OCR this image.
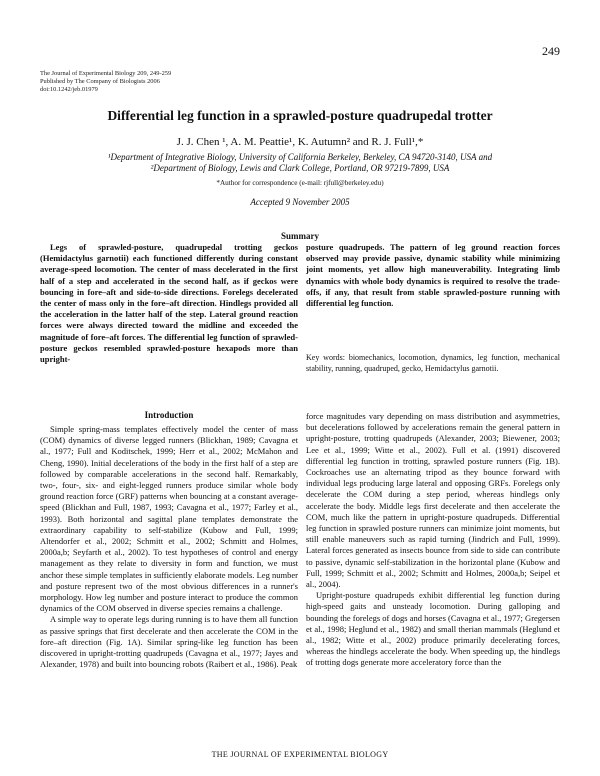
249
The Journal of Experimental Biology 209, 249-259
Published by The Company of Biologists 2006
doi:10.1242/jeb.01979
Differential leg function in a sprawled-posture quadrupedal trotter
J. J. Chen ¹, A. M. Peattie¹, K. Autumn² and R. J. Full¹,*
¹Department of Integrative Biology, University of California Berkeley, Berkeley, CA 94720-3140, USA and
²Department of Biology, Lewis and Clark College, Portland, OR 97219-7899, USA
*Author for correspondence (e-mail: rjfull@berkeley.edu)
Accepted 9 November 2005
Summary
Legs of sprawled-posture, quadrupedal trotting geckos (Hemidactylus garnotii) each functioned differently during constant average-speed locomotion. The center of mass decelerated in the first half of a step and accelerated in the second half, as if geckos were bouncing in fore–aft and side-to-side directions. Forelegs decelerated the center of mass only in the fore–aft direction. Hindlegs provided all the acceleration in the latter half of the step. Lateral ground reaction forces were always directed toward the midline and exceeded the magnitude of fore–aft forces. The differential leg function of sprawled-posture geckos resembled sprawled-posture hexapods more than upright-
posture quadrupeds. The pattern of leg ground reaction forces observed may provide passive, dynamic stability while minimizing joint moments, yet allow high maneuverability. Integrating limb dynamics with whole body dynamics is required to resolve the trade-offs, if any, that result from stable sprawled-posture running with differential leg function.
Key words: biomechanics, locomotion, dynamics, leg function, mechanical stability, running, quadruped, gecko, Hemidactylus garnotii.
Introduction

Simple spring-mass templates effectively model the center of mass (COM) dynamics of diverse legged runners (Blickhan, 1989; Cavagna et al., 1977; Full and Koditschek, 1999; Herr et al., 2002; McMahon and Cheng, 1990). Initial decelerations of the body in the first half of a step are followed by comparable accelerations in the second half. Remarkably, two-, four-, six- and eight-legged runners produce similar whole body ground reaction force (GRF) patterns when bouncing at a constant average-speed (Blickhan and Full, 1987, 1993; Cavagna et al., 1977; Farley et al., 1993). Both horizontal and sagittal plane templates demonstrate the extraordinary capability to self-stabilize (Kubow and Full, 1999; Altendorfer et al., 2002; Schmitt et al., 2002; Schmitt and Holmes, 2000a,b; Seyfarth et al., 2002). To test hypotheses of control and energy management as they relate to diversity in form and function, we must anchor these simple templates in sufficiently elaborate models. Leg number and posture represent two of the most obvious differences in a runner's morphology. How leg number and posture interact to produce the common dynamics of the COM observed in diverse species remains a challenge.

A simple way to operate legs during running is to have them all function as passive springs that first decelerate and then accelerate the COM in the fore–aft direction (Fig. 1A). Similar spring-like leg function has been discovered in upright-trotting quadrupeds (Cavagna et al., 1977; Jayes and Alexander, 1978) and built into bouncing robots (Raibert et al., 1986). Peak

force magnitudes vary depending on mass distribution and asymmetries, but decelerations followed by accelerations remain the general pattern in upright-posture, trotting quadrupeds (Alexander, 2003; Biewener, 2003; Lee et al., 1999; Witte et al., 2002). Full et al. (1991) discovered differential leg function in trotting, sprawled posture runners (Fig. 1B). Cockroaches use an alternating tripod as they bounce forward with individual legs producing large lateral and opposing GRFs. Forelegs only decelerate the COM during a step period, whereas hindlegs only accelerate the body. Middle legs first decelerate and then accelerate the COM, much like the pattern in upright-posture quadrupeds. Differential leg function in sprawled posture runners can minimize joint moments, but still enable maneuvers such as rapid turning (Jindrich and Full, 1999). Lateral forces generated as insects bounce from side to side can contribute to passive, dynamic self-stabilization in the horizontal plane (Kubow and Full, 1999; Schmitt et al., 2002; Schmitt and Holmes, 2000a,b; Seipel et al., 2004).

Upright-posture quadrupeds exhibit differential leg function during high-speed gaits and unsteady locomotion. During galloping and bounding the forelegs of dogs and horses (Cavagna et al., 1977; Gregersen et al., 1998; Heglund et al., 1982) and small therian mammals (Heglund et al., 1982; Witte et al., 2002) produce primarily decelerating forces, whereas the hindlegs accelerate the body. When speeding up, the hindlegs of trotting dogs generate more acceleratory force than the

THE JOURNAL OF EXPERIMENTAL BIOLOGY
